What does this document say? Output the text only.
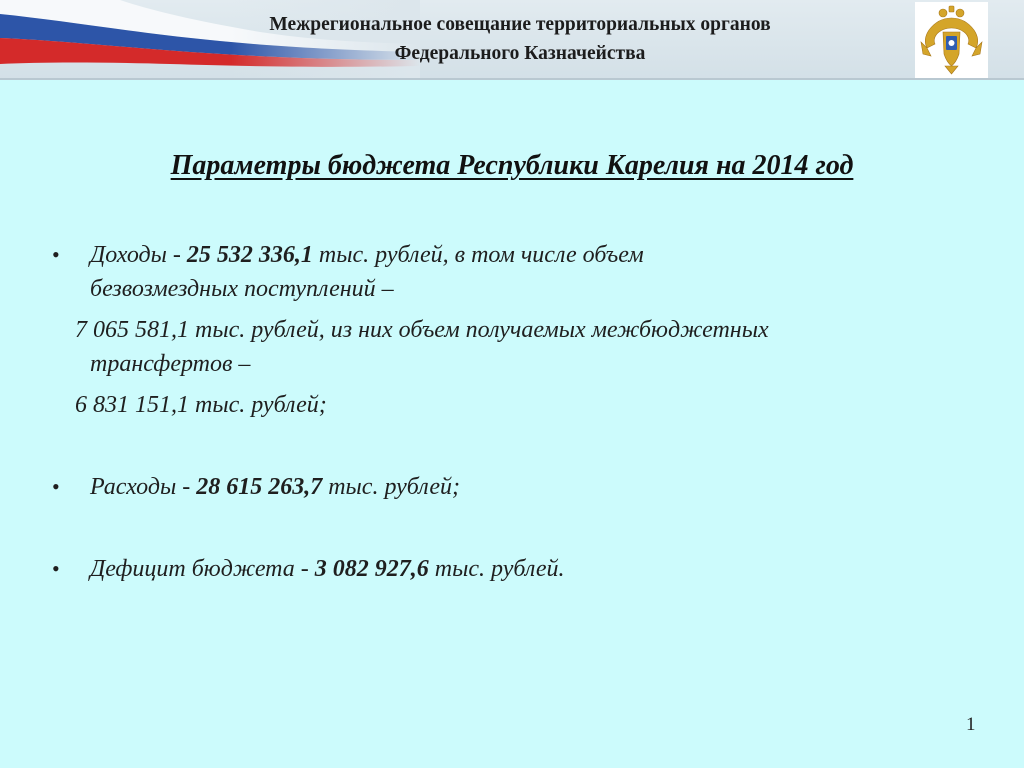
Межрегиональное совещание территориальных органов
Федерального Казначейства
Параметры бюджета Республики Карелия на 2014 год
• Доходы - 25 532 336,1 тыс. рублей, в том числе объем
безвозмездных поступлений –
7 065 581,1 тыс. рублей, из них объем получаемых межбюджетных
трансфертов –
6 831 151,1 тыс. рублей;
• Расходы - 28 615 263,7 тыс. рублей;
• Дефицит бюджета - 3 082 927,6 тыс. рублей.
1
